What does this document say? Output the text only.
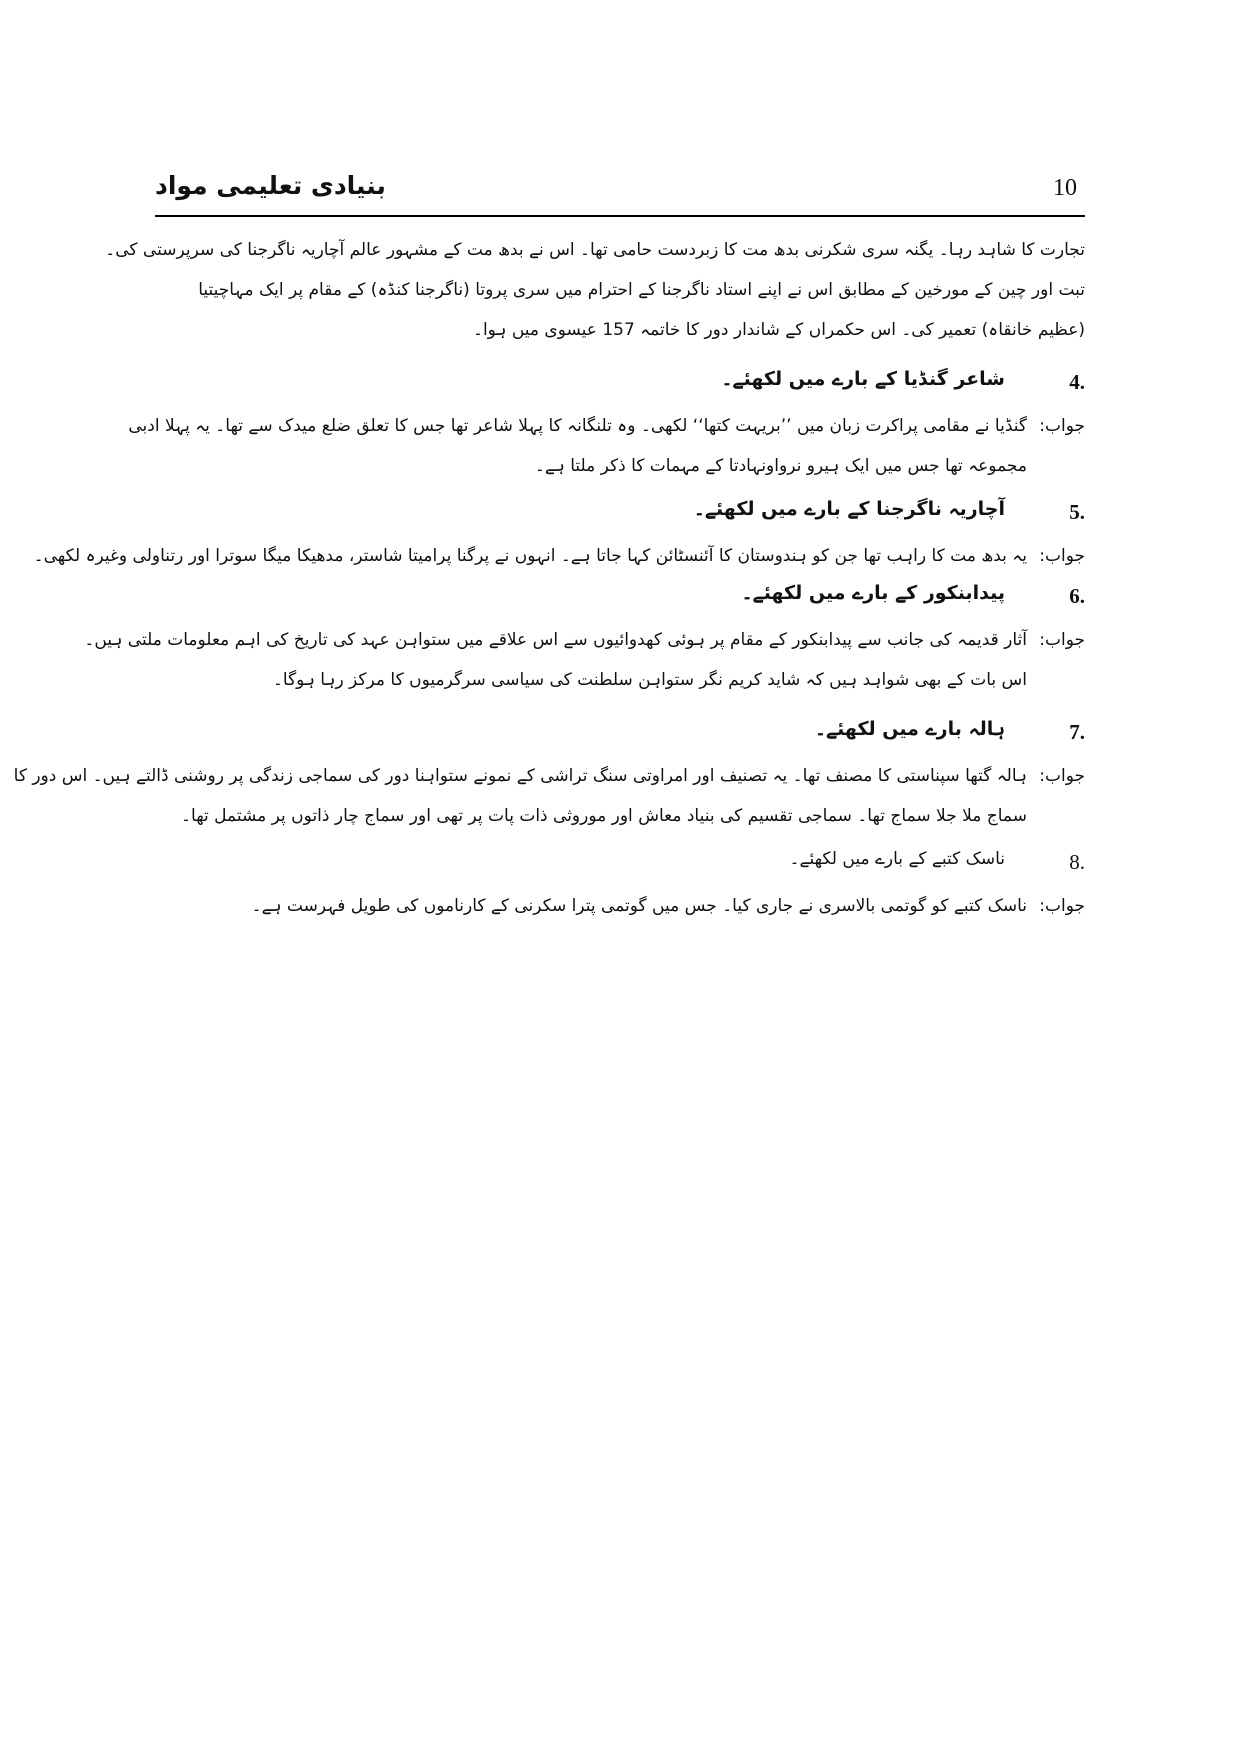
بنیادی تعلیمی مواد	10
تجارت کا شاہد رہا۔ یگنہ سری شکرنی بدھ مت کا زبردست حامی تھا۔ اس نے بدھ مت کے مشہور عالم آچاریہ ناگرجنا کی سرپرستی کی۔
تبت اور چین کے مورخین کے مطابق اس نے اپنے استاد ناگرجنا کے احترام میں سری پروتا (ناگرجنا کنڈہ) کے مقام پر ایک مہاچیتیا
(عظیم خانقاہ) تعمیر کی۔ اس حکمراں کے شاندار دور کا خاتمہ 157 عیسوی میں ہوا۔
4.
شاعر گنڈیا کے بارے میں لکھئے۔
جواب:
گنڈیا نے مقامی پراکرت زبان میں ’’بریہت کتھا‘‘ لکھی۔ وہ تلنگانہ کا پہلا شاعر تھا جس کا تعلق ضلع میدک سے تھا۔ یہ پہلا ادبی
مجموعہ تھا جس میں ایک ہیرو نرواونہادتا کے مہمات کا ذکر ملتا ہے۔
5.
آچاریہ ناگرجنا کے بارے میں لکھئے۔
جواب:
یہ بدھ مت کا راہب تھا جن کو ہندوستان کا آئنسٹائن کہا جاتا ہے۔ انہوں نے پرگنا پرامیتا شاستر، مدھیکا میگا سوترا اور رتناولی وغیرہ لکھی۔
6.
پیدابنکور کے بارے میں لکھئے۔
جواب:
آثار قدیمہ کی جانب سے پیدابنکور کے مقام پر ہوئی کھدوائیوں سے اس علاقے میں ستواہن عہد کی تاریخ کی اہم معلومات ملتی ہیں۔
اس بات کے بھی شواہد ہیں کہ شاید کریم نگر ستواہن سلطنت کی سیاسی سرگرمیوں کا مرکز رہا ہوگا۔
7.
ہالہ بارے میں لکھئے۔
جواب:
ہالہ گتھا سپناستی کا مصنف تھا۔ یہ تصنیف اور امراوتی سنگ تراشی کے نمونے ستواہنا دور کی سماجی زندگی پر روشنی ڈالتے ہیں۔ اس دور کا
سماج ملا جلا سماج تھا۔ سماجی تقسیم کی بنیاد معاش اور موروثی ذات پات پر تھی اور سماج چار ذاتوں پر مشتمل تھا۔
8.
ناسک کتبے کے بارے میں لکھئے۔
جواب:
ناسک کتبے کو گوتمی بالاسری نے جاری کیا۔ جس میں گوتمی پترا سکرنی کے کارناموں کی طویل فہرست ہے۔
